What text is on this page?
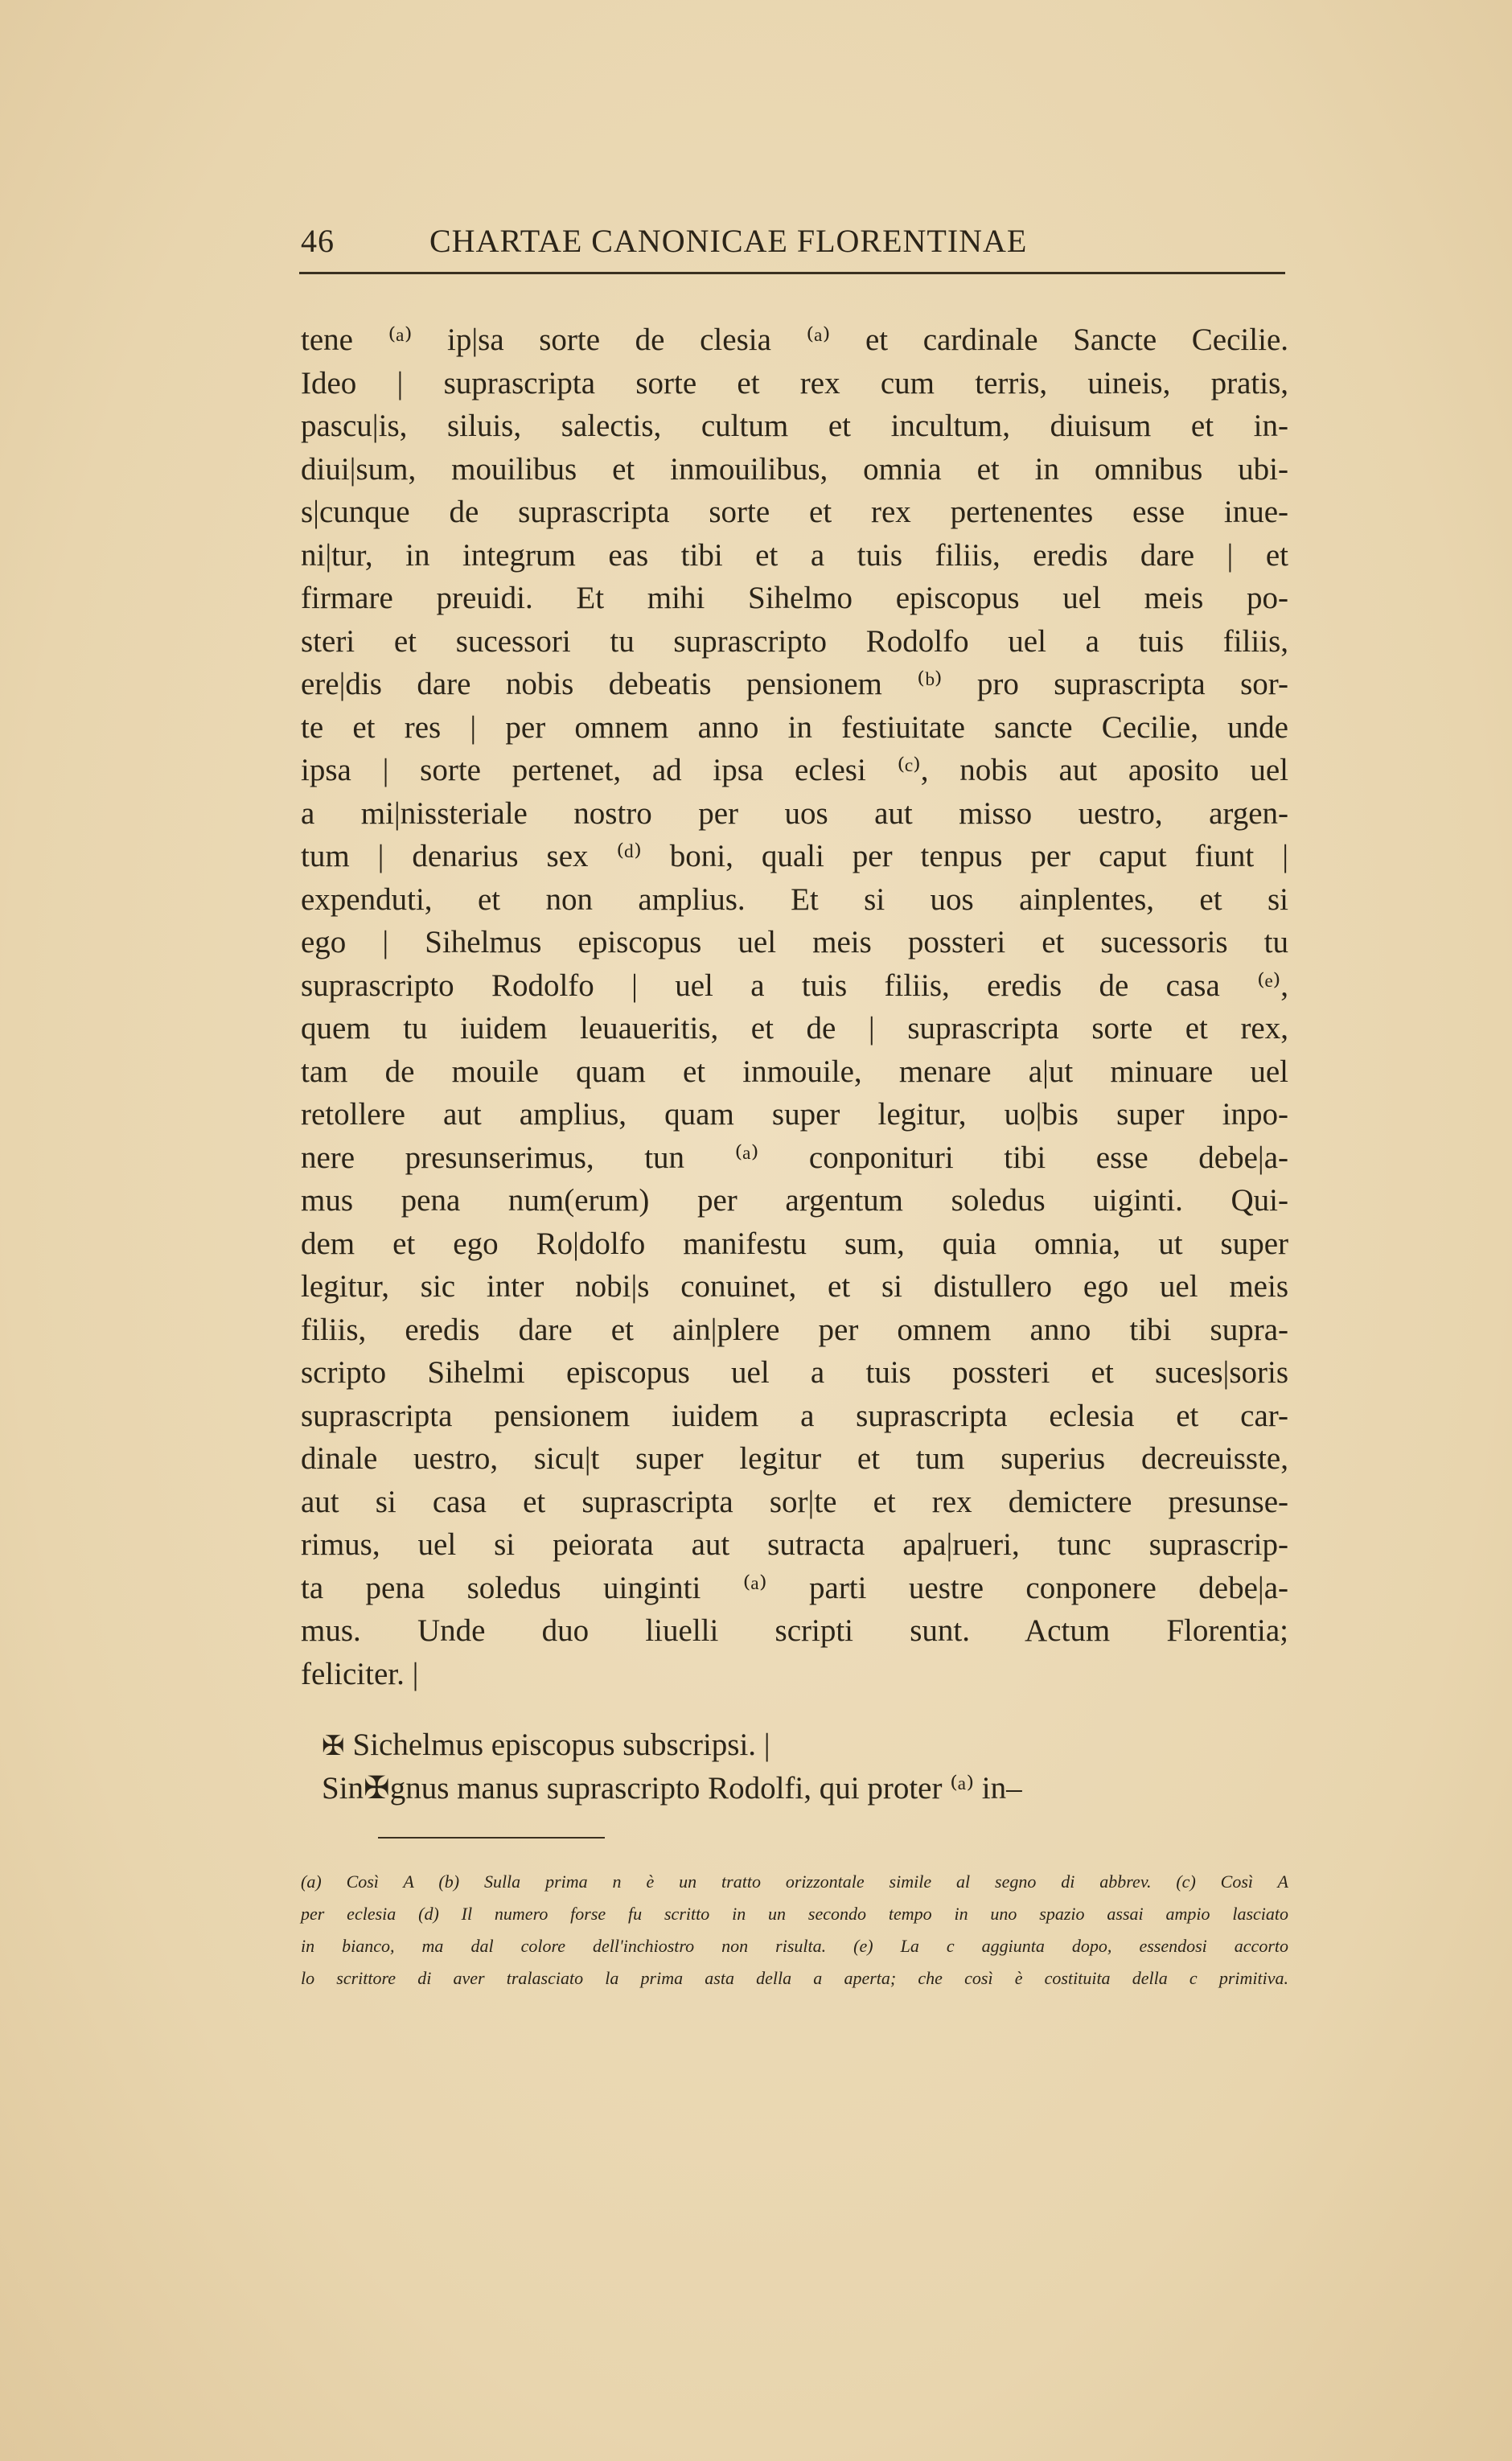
46	CHARTAE CANONICAE FLORENTINAE
tene ⁽ᵃ⁾ ip|sa sorte de clesia ⁽ᵃ⁾ et cardinale Sancte Cecilie.
Ideo | suprascripta sorte et rex cum terris, uineis, pratis,
pascu|is, siluis, salectis, cultum et incultum, diuisum et in-
diui|sum, mouilibus et inmouilibus, omnia et in omnibus ubi-
s|cunque de suprascripta sorte et rex pertenentes esse inue-
ni|tur, in integrum eas tibi et a tuis filiis, eredis dare | et
firmare preuidi. Et mihi Sihelmo episcopus uel meis po-
steri et sucessori tu suprascripto Rodolfo uel a tuis filiis,
ere|dis dare nobis debeatis pensionem ⁽ᵇ⁾ pro suprascripta sor-
te et res | per omnem anno in festiuitate sancte Cecilie, unde
ipsa | sorte pertenet, ad ipsa eclesi ⁽ᶜ⁾, nobis aut aposito uel
a mi|nissteriale nostro per uos aut misso uestro, argen-
tum | denarius sex ⁽ᵈ⁾ boni, quali per tenpus per caput fiunt |
expenduti, et non amplius. Et si uos ainplentes, et si
ego | Sihelmus episcopus uel meis possteri et sucessoris tu
suprascripto Rodolfo | uel a tuis filiis, eredis de casa ⁽ᵉ⁾,
quem tu iuidem leuaueritis, et de | suprascripta sorte et rex,
tam de mouile quam et inmouile, menare a|ut minuare uel
retollere aut amplius, quam super legitur, uo|bis super inpo-
nere presunserimus, tun ⁽ᵃ⁾ conponituri tibi esse debe|a-
mus pena num(erum) per argentum soledus uiginti. Qui-
dem et ego Ro|dolfo manifestu sum, quia omnia, ut super
legitur, sic inter nobi|s conuinet, et si distullero ego uel meis
filiis, eredis dare et ain|plere per omnem anno tibi supra-
scripto Sihelmi episcopus uel a tuis possteri et suces|soris
suprascripta pensionem iuidem a suprascripta eclesia et car-
dinale uestro, sicu|t super legitur et tum superius decreuisste,
aut si casa et suprascripta sor|te et rex demictere presunse-
rimus, uel si peiorata aut sutracta apa|rueri, tunc suprascrip-
ta pena soledus uinginti ⁽ᵃ⁾ parti uestre conponere debe|a-
mus. Unde duo liuelli scripti sunt. Actum Florentia;
feliciter. |
✠ Sichelmus episcopus subscripsi. |
Sin✠gnus manus suprascripto Rodolfi, qui proter ⁽ᵃ⁾ in–
(a) Così A (b) Sulla prima n è un tratto orizzontale simile al segno di abbrev. (c) Così A
per eclesia (d) Il numero forse fu scritto in un secondo tempo in uno spazio assai ampio lasciato
in bianco, ma dal colore dell'inchiostro non risulta. (e) La c aggiunta dopo, essendosi accorto
lo scrittore di aver tralasciato la prima asta della a aperta; che così è costituita della c primitiva.
